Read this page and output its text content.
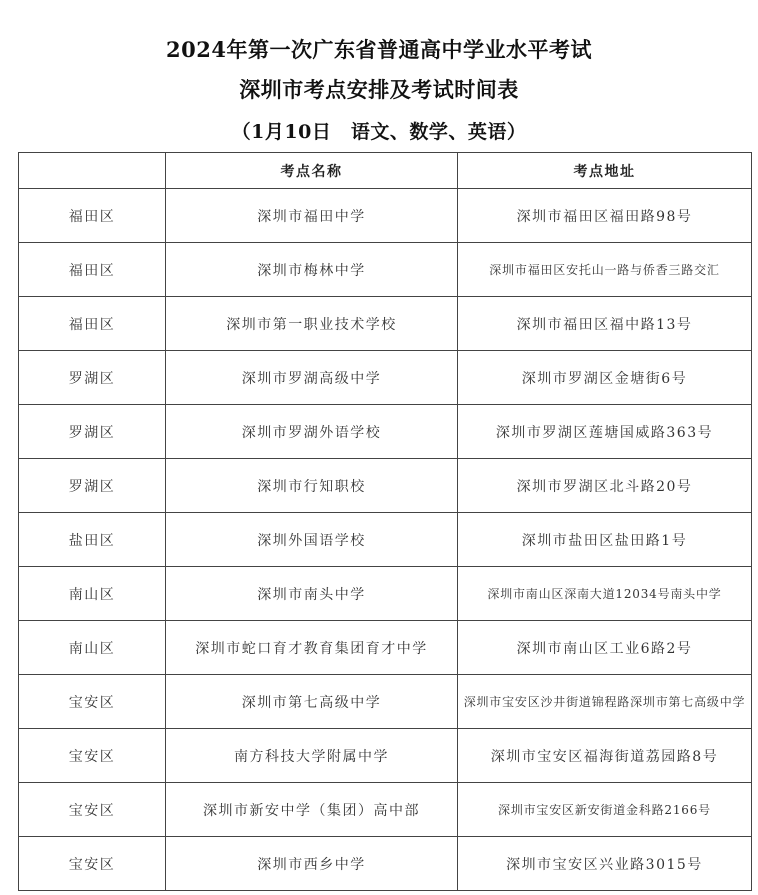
2024年第一次广东省普通高中学业水平考试
深圳市考点安排及考试时间表
（1月10日　语文、数学、英语）
	考点名称	考点地址
福田区	深圳市福田中学	深圳市福田区福田路98号
福田区	深圳市梅林中学	深圳市福田区安托山一路与侨香三路交汇
福田区	深圳市第一职业技术学校	深圳市福田区福中路13号
罗湖区	深圳市罗湖高级中学	深圳市罗湖区金塘街6号
罗湖区	深圳市罗湖外语学校	深圳市罗湖区莲塘国威路363号
罗湖区	深圳市行知职校	深圳市罗湖区北斗路20号
盐田区	深圳外国语学校	深圳市盐田区盐田路1号
南山区	深圳市南头中学	深圳市南山区深南大道12034号南头中学
南山区	深圳市蛇口育才教育集团育才中学	深圳市南山区工业6路2号
宝安区	深圳市第七高级中学	深圳市宝安区沙井街道锦程路深圳市第七高级中学
宝安区	南方科技大学附属中学	深圳市宝安区福海街道荔园路8号
宝安区	深圳市新安中学（集团）高中部	深圳市宝安区新安街道金科路2166号
宝安区	深圳市西乡中学	深圳市宝安区兴业路3015号
